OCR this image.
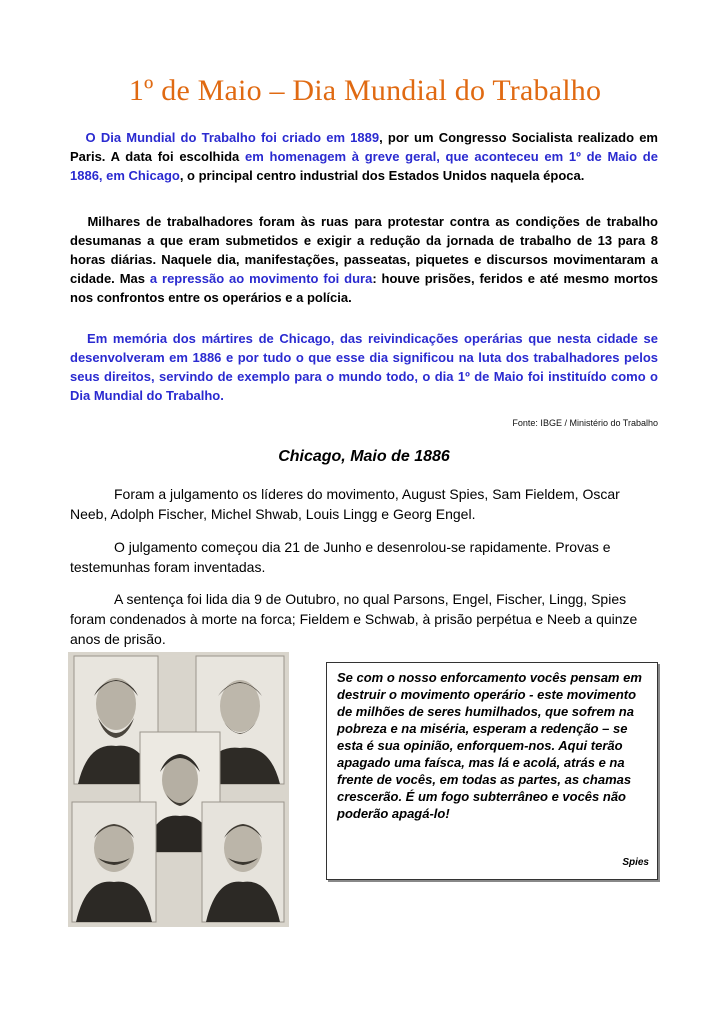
1º de Maio – Dia Mundial do Trabalho

O Dia Mundial do Trabalho foi criado em 1889, por um Congresso Socialista realizado em Paris. A data foi escolhida em homenagem à greve geral, que aconteceu em 1º de Maio de 1886, em Chicago, o principal centro industrial dos Estados Unidos naquela época.

Milhares de trabalhadores foram às ruas para protestar contra as condições de trabalho desumanas a que eram submetidos e exigir a redução da jornada de trabalho de 13 para 8 horas diárias. Naquele dia, manifestações, passeatas, piquetes e discursos movimentaram a cidade. Mas a repressão ao movimento foi dura: houve prisões, feridos e até mesmo mortos nos confrontos entre os operários e a polícia.

Em memória dos mártires de Chicago, das reivindicações operárias que nesta cidade se desenvolveram em 1886 e por tudo o que esse dia significou na luta dos trabalhadores pelos seus direitos, servindo de exemplo para o mundo todo, o dia 1º de Maio foi instituído como o Dia Mundial do Trabalho.

Fonte: IBGE / Ministério do Trabalho
Chicago, Maio de 1886

Foram a julgamento os líderes do movimento, August Spies, Sam Fieldem, Oscar Neeb, Adolph Fischer, Michel Shwab, Louis Lingg e Georg Engel.

O julgamento começou dia 21 de Junho e desenrolou-se rapidamente. Provas e testemunhas foram inventadas.

A sentença foi lida dia 9 de Outubro, no qual Parsons, Engel, Fischer, Lingg, Spies foram condenados à morte na forca; Fieldem e Schwab, à prisão perpétua e Neeb a quinze anos de prisão.

Se com o nosso enforcamento vocês pensam em destruir o movimento operário - este movimento de milhões de seres humilhados, que sofrem na pobreza e na miséria, esperam a redenção – se esta é sua opinião, enforquem-nos. Aqui terão apagado uma faísca, mas lá e acolá, atrás e na frente de vocês, em todas as partes, as chamas crescerão. É um fogo subterrâneo e vocês não poderão apagá-lo!

Spies
